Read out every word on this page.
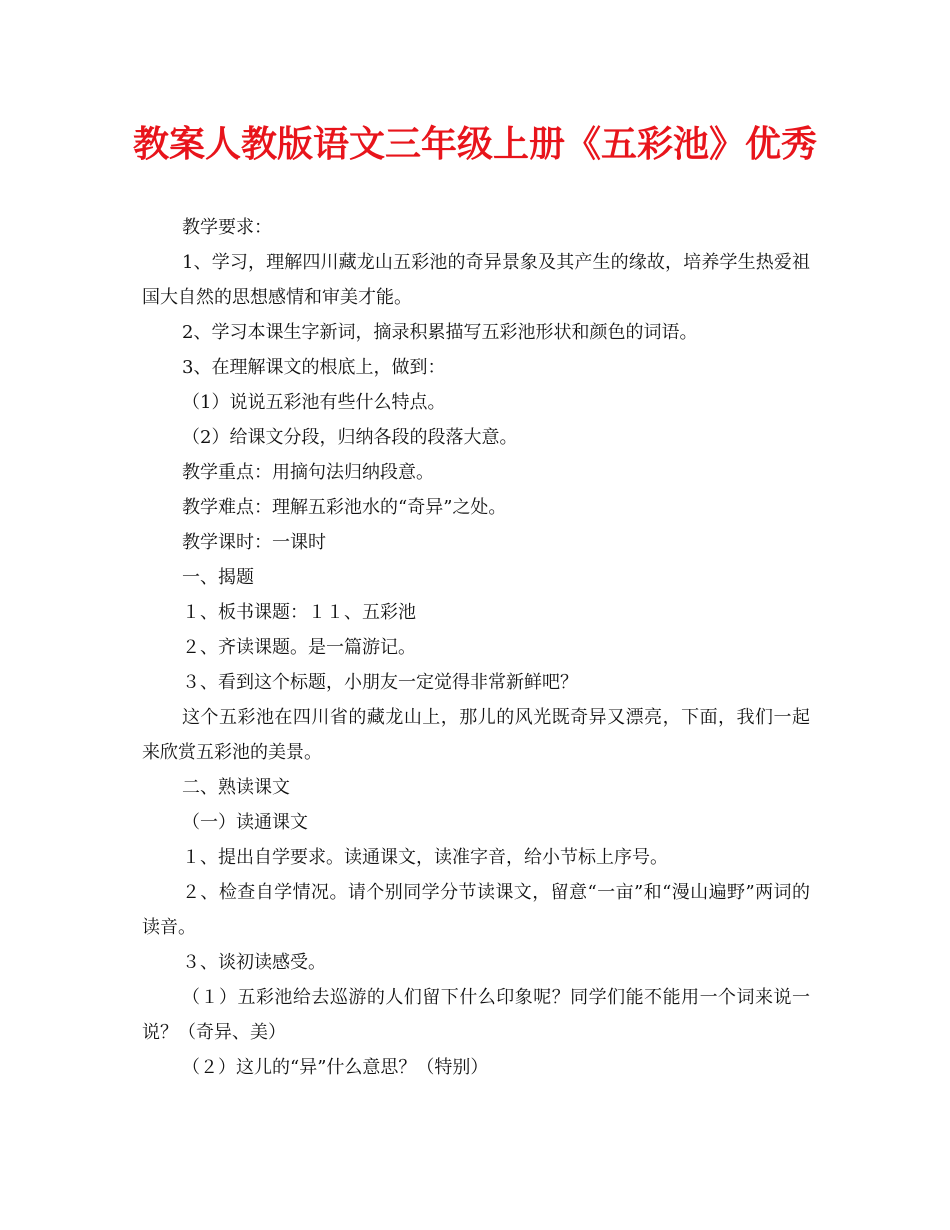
教案人教版语文三年级上册《五彩池》优秀

教学要求：

1、学习，理解四川藏龙山五彩池的奇异景象及其产生的缘故，培养学生热爱祖国大自然的思想感情和审美才能。

2、学习本课生字新词，摘录积累描写五彩池形状和颜色的词语。

3、在理解课文的根底上，做到：

（1）说说五彩池有些什么特点。

（2）给课文分段，归纳各段的段落大意。

教学重点：用摘句法归纳段意。

教学难点：理解五彩池水的“奇异”之处。

教学课时：一课时

一、揭题

１、板书课题：１１、五彩池

２、齐读课题。是一篇游记。

３、看到这个标题，小朋友一定觉得非常新鲜吧？

这个五彩池在四川省的藏龙山上，那儿的风光既奇异又漂亮，下面，我们一起来欣赏五彩池的美景。

二、熟读课文

（一）读通课文

１、提出自学要求。读通课文，读准字音，给小节标上序号。

２、检查自学情况。请个别同学分节读课文，留意“一亩”和“漫山遍野”两词的读音。

３、谈初读感受。

（１）五彩池给去巡游的人们留下什么印象呢？同学们能不能用一个词来说一说？（奇异、美）

（２）这儿的“异”什么意思？（特别）
